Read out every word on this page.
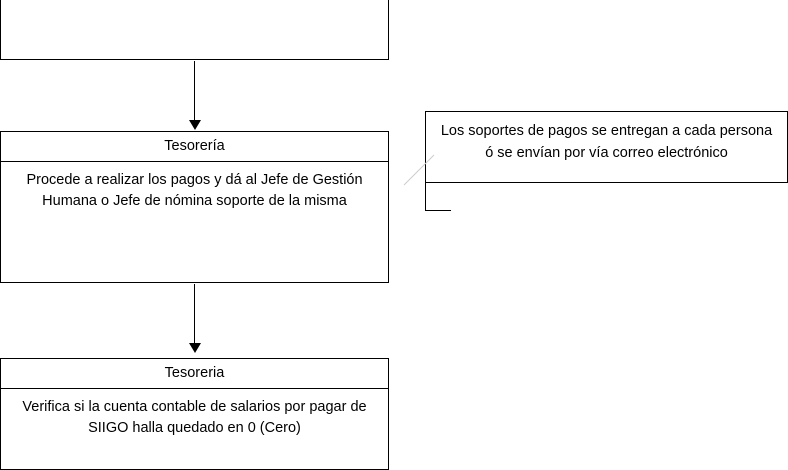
Tesorería
Procede a realizar los pagos y dá al Jefe de Gestión Humana o Jefe de nómina soporte de la misma
Tesoreria
Verifica si la cuenta contable de salarios por pagar de SIIGO halla quedado en 0 (Cero)
Los soportes de pagos se entregan a cada persona ó se envían por vía correo electrónico
